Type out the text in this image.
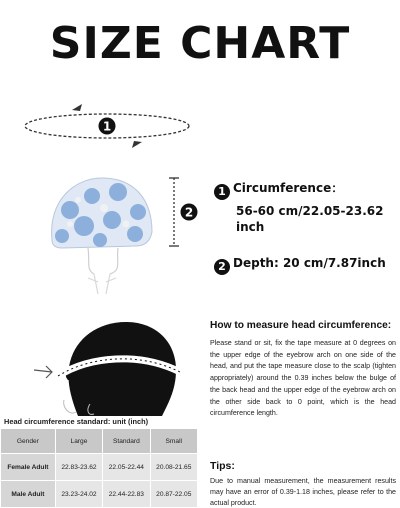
SIZE CHART
1
2
1 Circumference：
56-60 cm/22.05-23.62 inch
2 Depth: 20 cm/7.87inch
How to measure head circumference:
Please stand or sit, fix the tape measure at 0 degrees on the upper edge of the eyebrow arch on one side of the head, and put the tape measure close to the scalp (tighten appropriately) around the 0.39 inches below the bulge of the back head and the upper edge of the eyebrow arch on the other side back to 0 point, which is the head circumference length.
Tips:
Due to manual measurement, the measurement results may have an error of 0.39-1.18 inches, please refer to the actual product.
Head circumference standard: unit (inch)
Gender	Large	Standard	Small
Female Adult	22.83-23.62	22.05-22.44	20.08-21.65
Male Adult	23.23-24.02	22.44-22.83	20.87-22.05
